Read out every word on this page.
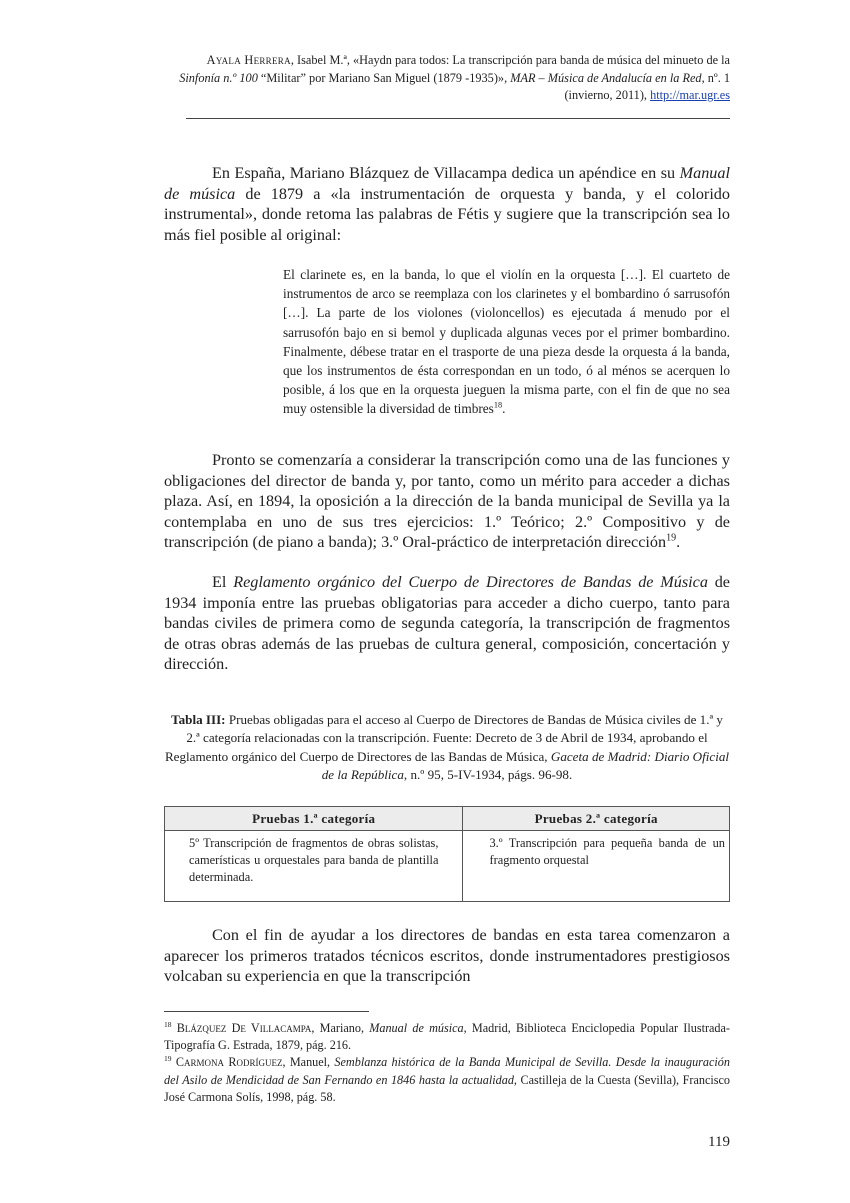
Ayala Herrera, Isabel M.ª, «Haydn para todos: La transcripción para banda de música del minueto de la Sinfonía n.º 100 “Militar” por Mariano San Miguel (1879 -1935)», MAR – Música de Andalucía en la Red, nº. 1 (invierno, 2011), http://mar.ugr.es

En España, Mariano Blázquez de Villacampa dedica un apéndice en su Manual de música de 1879 a «la instrumentación de orquesta y banda, y el colorido instrumental», donde retoma las palabras de Fétis y sugiere que la transcripción sea lo más fiel posible al original:

El clarinete es, en la banda, lo que el violín en la orquesta […]. El cuarteto de instrumentos de arco se reemplaza con los clarinetes y el bombardino ó sarrusofón […]. La parte de los violones (violoncellos) es ejecutada á menudo por el sarrusofón bajo en si bemol y duplicada algunas veces por el primer bombardino. Finalmente, débese tratar en el trasporte de una pieza desde la orquesta á la banda, que los instrumentos de ésta correspondan en un todo, ó al ménos se acerquen lo posible, á los que en la orquesta jueguen la misma parte, con el fin de que no sea muy ostensible la diversidad de timbres$^{18}$.

Pronto se comenzaría a considerar la transcripción como una de las funciones y obligaciones del director de banda y, por tanto, como un mérito para acceder a dichas plaza. Así, en 1894, la oposición a la dirección de la banda municipal de Sevilla ya la contemplaba en uno de sus tres ejercicios: 1.º Teórico; 2.º Compositivo y de transcripción (de piano a banda); 3.º Oral-práctico de interpretación dirección$^{19}$.

El Reglamento orgánico del Cuerpo de Directores de Bandas de Música de 1934 imponía entre las pruebas obligatorias para acceder a dicho cuerpo, tanto para bandas civiles de primera como de segunda categoría, la transcripción de fragmentos de otras obras además de las pruebas de cultura general, composición, concertación y dirección.

Tabla III: Pruebas obligadas para el acceso al Cuerpo de Directores de Bandas de Música civiles de 1.ª y 2.ª categoría relacionadas con la transcripción. Fuente: Decreto de 3 de Abril de 1934, aprobando el Reglamento orgánico del Cuerpo de Directores de las Bandas de Música, Gaceta de Madrid: Diario Oficial de la República, n.º 95, 5-IV-1934, págs. 96-98.
Pruebas 1.ª categoría	Pruebas 2.ª categoría
5º Transcripción de fragmentos de obras solistas, camerísticas u orquestales para banda de plantilla determinada.	3.º Transcripción para pequeña banda de un fragmento orquestal

Con el fin de ayudar a los directores de bandas en esta tarea comenzaron a aparecer los primeros tratados técnicos escritos, donde instrumentadores prestigiosos volcaban su experiencia en que la transcripción

$^{18}$ Blázquez De Villacampa, Mariano, Manual de música, Madrid, Biblioteca Enciclopedia Popular Ilustrada-Tipografía G. Estrada, 1879, pág. 216.

$^{19}$ Carmona Rodríguez, Manuel, Semblanza histórica de la Banda Municipal de Sevilla. Desde la inauguración del Asilo de Mendicidad de San Fernando en 1846 hasta la actualidad, Castilleja de la Cuesta (Sevilla), Francisco José Carmona Solís, 1998, pág. 58.

119
